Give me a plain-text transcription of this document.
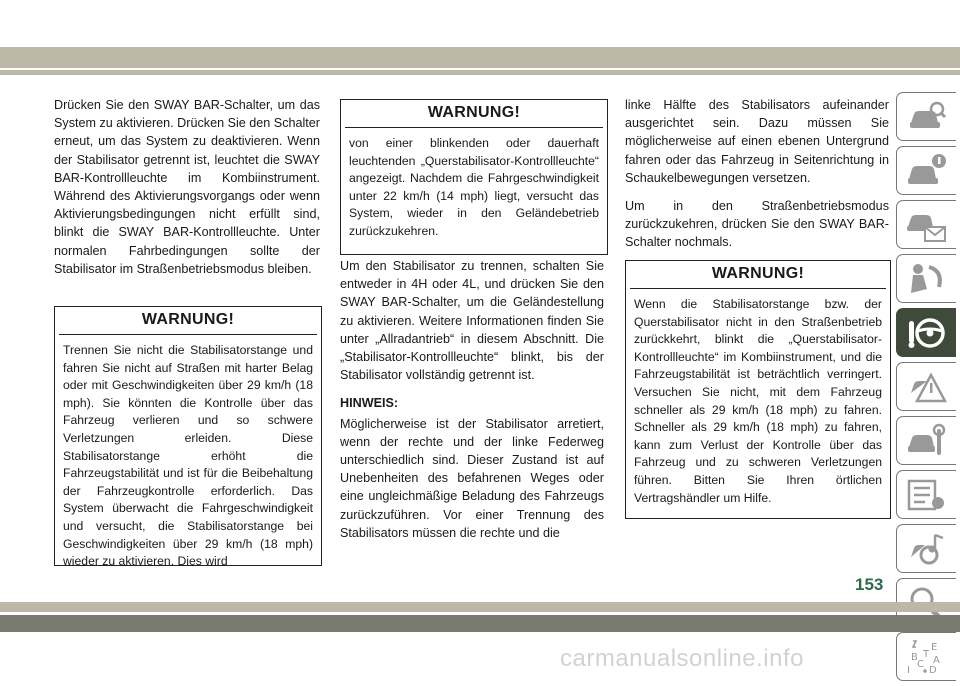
Drücken Sie den SWAY BAR-Schalter, um das System zu aktivieren. Drücken Sie den Schalter erneut, um das System zu deaktivieren. Wenn der Stabilisator getrennt ist, leuchtet die SWAY BAR-Kontrollleuchte im Kombiinstrument. Während des Aktivierungsvorgangs oder wenn Aktivierungsbedingungen nicht erfüllt sind, blinkt die SWAY BAR-Kontrollleuchte. Unter normalen Fahrbedingungen sollte der Stabilisator im Straßenbetriebsmodus bleiben.

WARNUNG!
Trennen Sie nicht die Stabilisatorstange und fahren Sie nicht auf Straßen mit harter Belag oder mit Geschwindigkeiten über 29 km/h (18 mph). Sie könnten die Kontrolle über das Fahrzeug verlieren und so schwere Verletzungen erleiden. Diese Stabilisatorstange erhöht die Fahrzeugstabilität und ist für die Beibehaltung der Fahrzeugkontrolle erforderlich. Das System überwacht die Fahrgeschwindigkeit und versucht, die Stabilisatorstange bei Geschwindigkeiten über 29 km/h (18 mph) wieder zu aktivieren. Dies wird
WARNUNG!
von einer blinkenden oder dauerhaft leuchtenden „Querstabilisator-Kontrollleuchte“ angezeigt. Nachdem die Fahrgeschwindigkeit unter 22 km/h (14 mph) liegt, versucht das System, wieder in den Geländebetrieb zurückzukehren.

Um den Stabilisator zu trennen, schalten Sie entweder in 4H oder 4L, und drücken Sie den SWAY BAR-Schalter, um die Geländestellung zu aktivieren. Weitere Informationen finden Sie unter „Allradantrieb“ in diesem Abschnitt. Die „Stabilisator-Kontrollleuchte“ blinkt, bis der Stabilisator vollständig getrennt ist.

HINWEIS:
Möglicherweise ist der Stabilisator arretiert, wenn der rechte und der linke Federweg unterschiedlich sind. Dieser Zustand ist auf Unebenheiten des befahrenen Weges oder eine ungleichmäßige Beladung des Fahrzeugs zurückzuführen. Vor einer Trennung des Stabilisators müssen die rechte und die

linke Hälfte des Stabilisators aufeinander ausgerichtet sein. Dazu müssen Sie möglicherweise auf einen ebenen Untergrund fahren oder das Fahrzeug in Seitenrichtung in Schaukelbewegungen versetzen.

Um in den Straßenbetriebsmodus zurückzukehren, drücken Sie den SWAY BAR-Schalter nochmals.

WARNUNG!
Wenn die Stabilisatorstange bzw. der Querstabilisator nicht in den Straßenbetrieb zurückkehrt, blinkt die „Querstabilisator-Kontrollleuchte“ im Kombiinstrument, und die Fahrzeugstabilität ist beträchtlich verringert. Versuchen Sie nicht, mit dem Fahrzeug schneller als 29 km/h (18 mph) zu fahren. Schneller als 29 km/h (18 mph) zu fahren, kann zum Verlust der Kontrolle über das Fahrzeug und zu schweren Verletzungen führen. Bitten Sie Ihren örtlichen Vertragshändler um Hilfe.
E
B A
C
D
I
T
153
carmanualsonline.info
